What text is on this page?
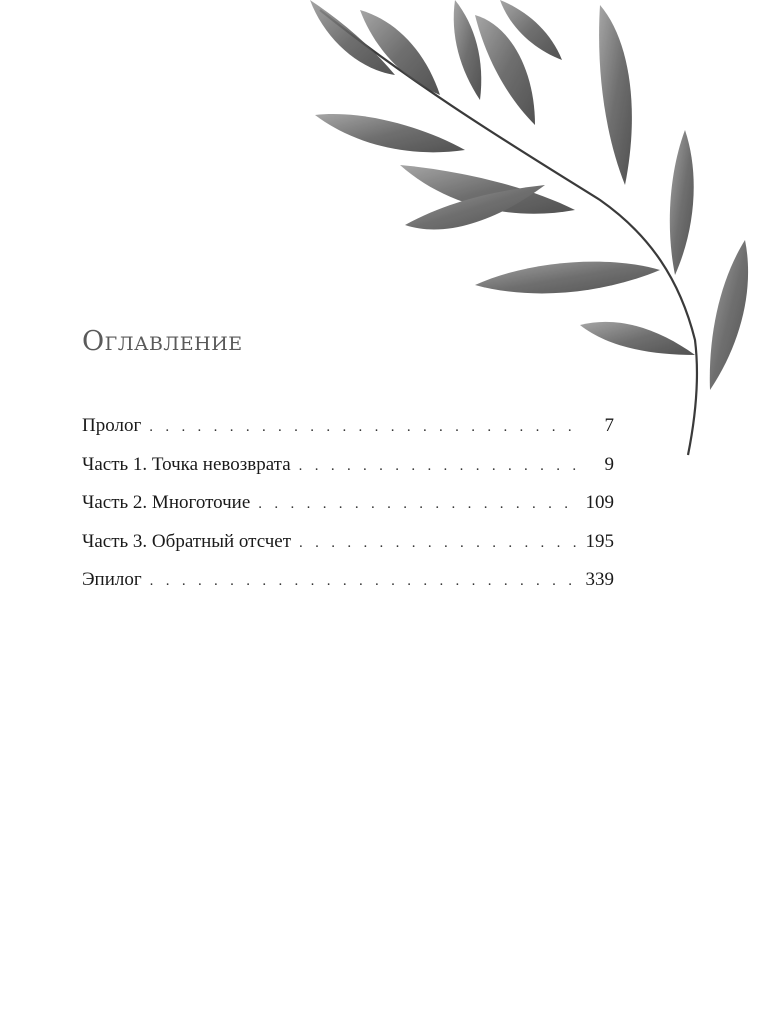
Оглавление
Пролог . . .	7
Часть 1. Точка невозврата . . .	9
Часть 2. Многоточие . . .	109
Часть 3. Обратный отсчет . . .	195
Эпилог . . .	339
